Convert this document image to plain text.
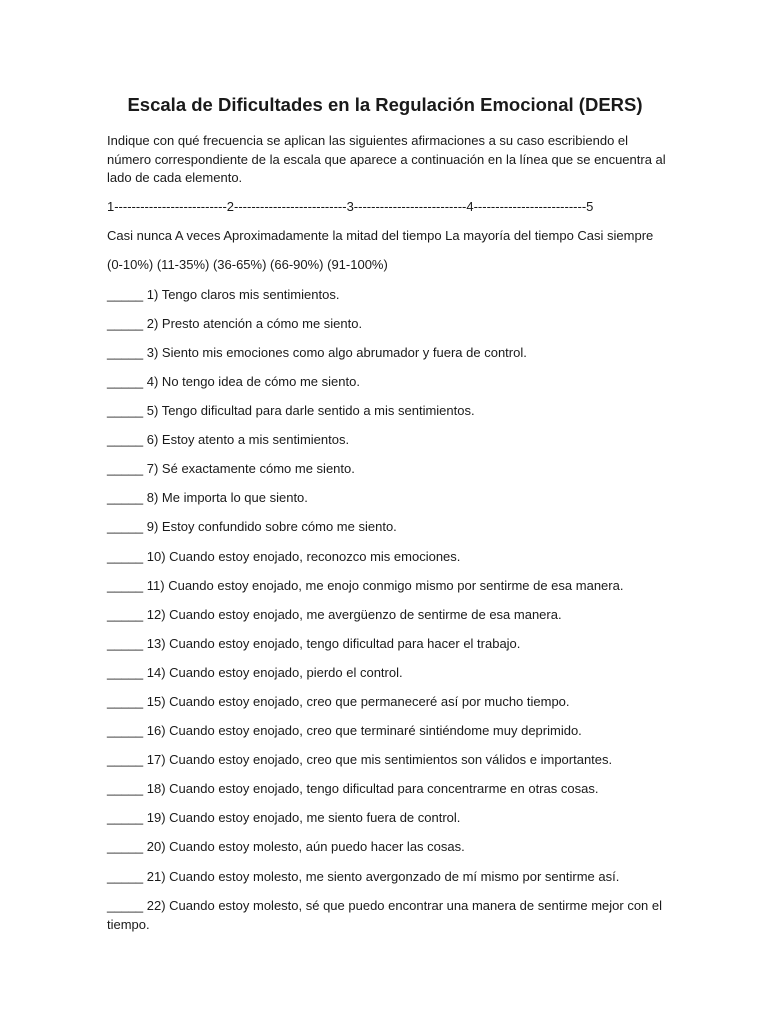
Escala de Dificultades en la Regulación Emocional (DERS)

Indique con qué frecuencia se aplican las siguientes afirmaciones a su caso escribiendo el número correspondiente de la escala que aparece a continuación en la línea que se encuentra al lado de cada elemento.

1--------------------------2--------------------------3--------------------------4--------------------------5

Casi nunca A veces Aproximadamente la mitad del tiempo La mayoría del tiempo Casi siempre

(0-10%) (11-35%) (36-65%) (66-90%) (91-100%)

_____ 1) Tengo claros mis sentimientos.

_____ 2) Presto atención a cómo me siento.

_____ 3) Siento mis emociones como algo abrumador y fuera de control.

_____ 4) No tengo idea de cómo me siento.

_____ 5) Tengo dificultad para darle sentido a mis sentimientos.

_____ 6) Estoy atento a mis sentimientos.

_____ 7) Sé exactamente cómo me siento.

_____ 8) Me importa lo que siento.

_____ 9) Estoy confundido sobre cómo me siento.

_____ 10) Cuando estoy enojado, reconozco mis emociones.

_____ 11) Cuando estoy enojado, me enojo conmigo mismo por sentirme de esa manera.

_____ 12) Cuando estoy enojado, me avergüenzo de sentirme de esa manera.

_____ 13) Cuando estoy enojado, tengo dificultad para hacer el trabajo.

_____ 14) Cuando estoy enojado, pierdo el control.

_____ 15) Cuando estoy enojado, creo que permaneceré así por mucho tiempo.

_____ 16) Cuando estoy enojado, creo que terminaré sintiéndome muy deprimido.

_____ 17) Cuando estoy enojado, creo que mis sentimientos son válidos e importantes.

_____ 18) Cuando estoy enojado, tengo dificultad para concentrarme en otras cosas.

_____ 19) Cuando estoy enojado, me siento fuera de control.

_____ 20) Cuando estoy molesto, aún puedo hacer las cosas.

_____ 21) Cuando estoy molesto, me siento avergonzado de mí mismo por sentirme así.

_____ 22) Cuando estoy molesto, sé que puedo encontrar una manera de sentirme mejor con el tiempo.
